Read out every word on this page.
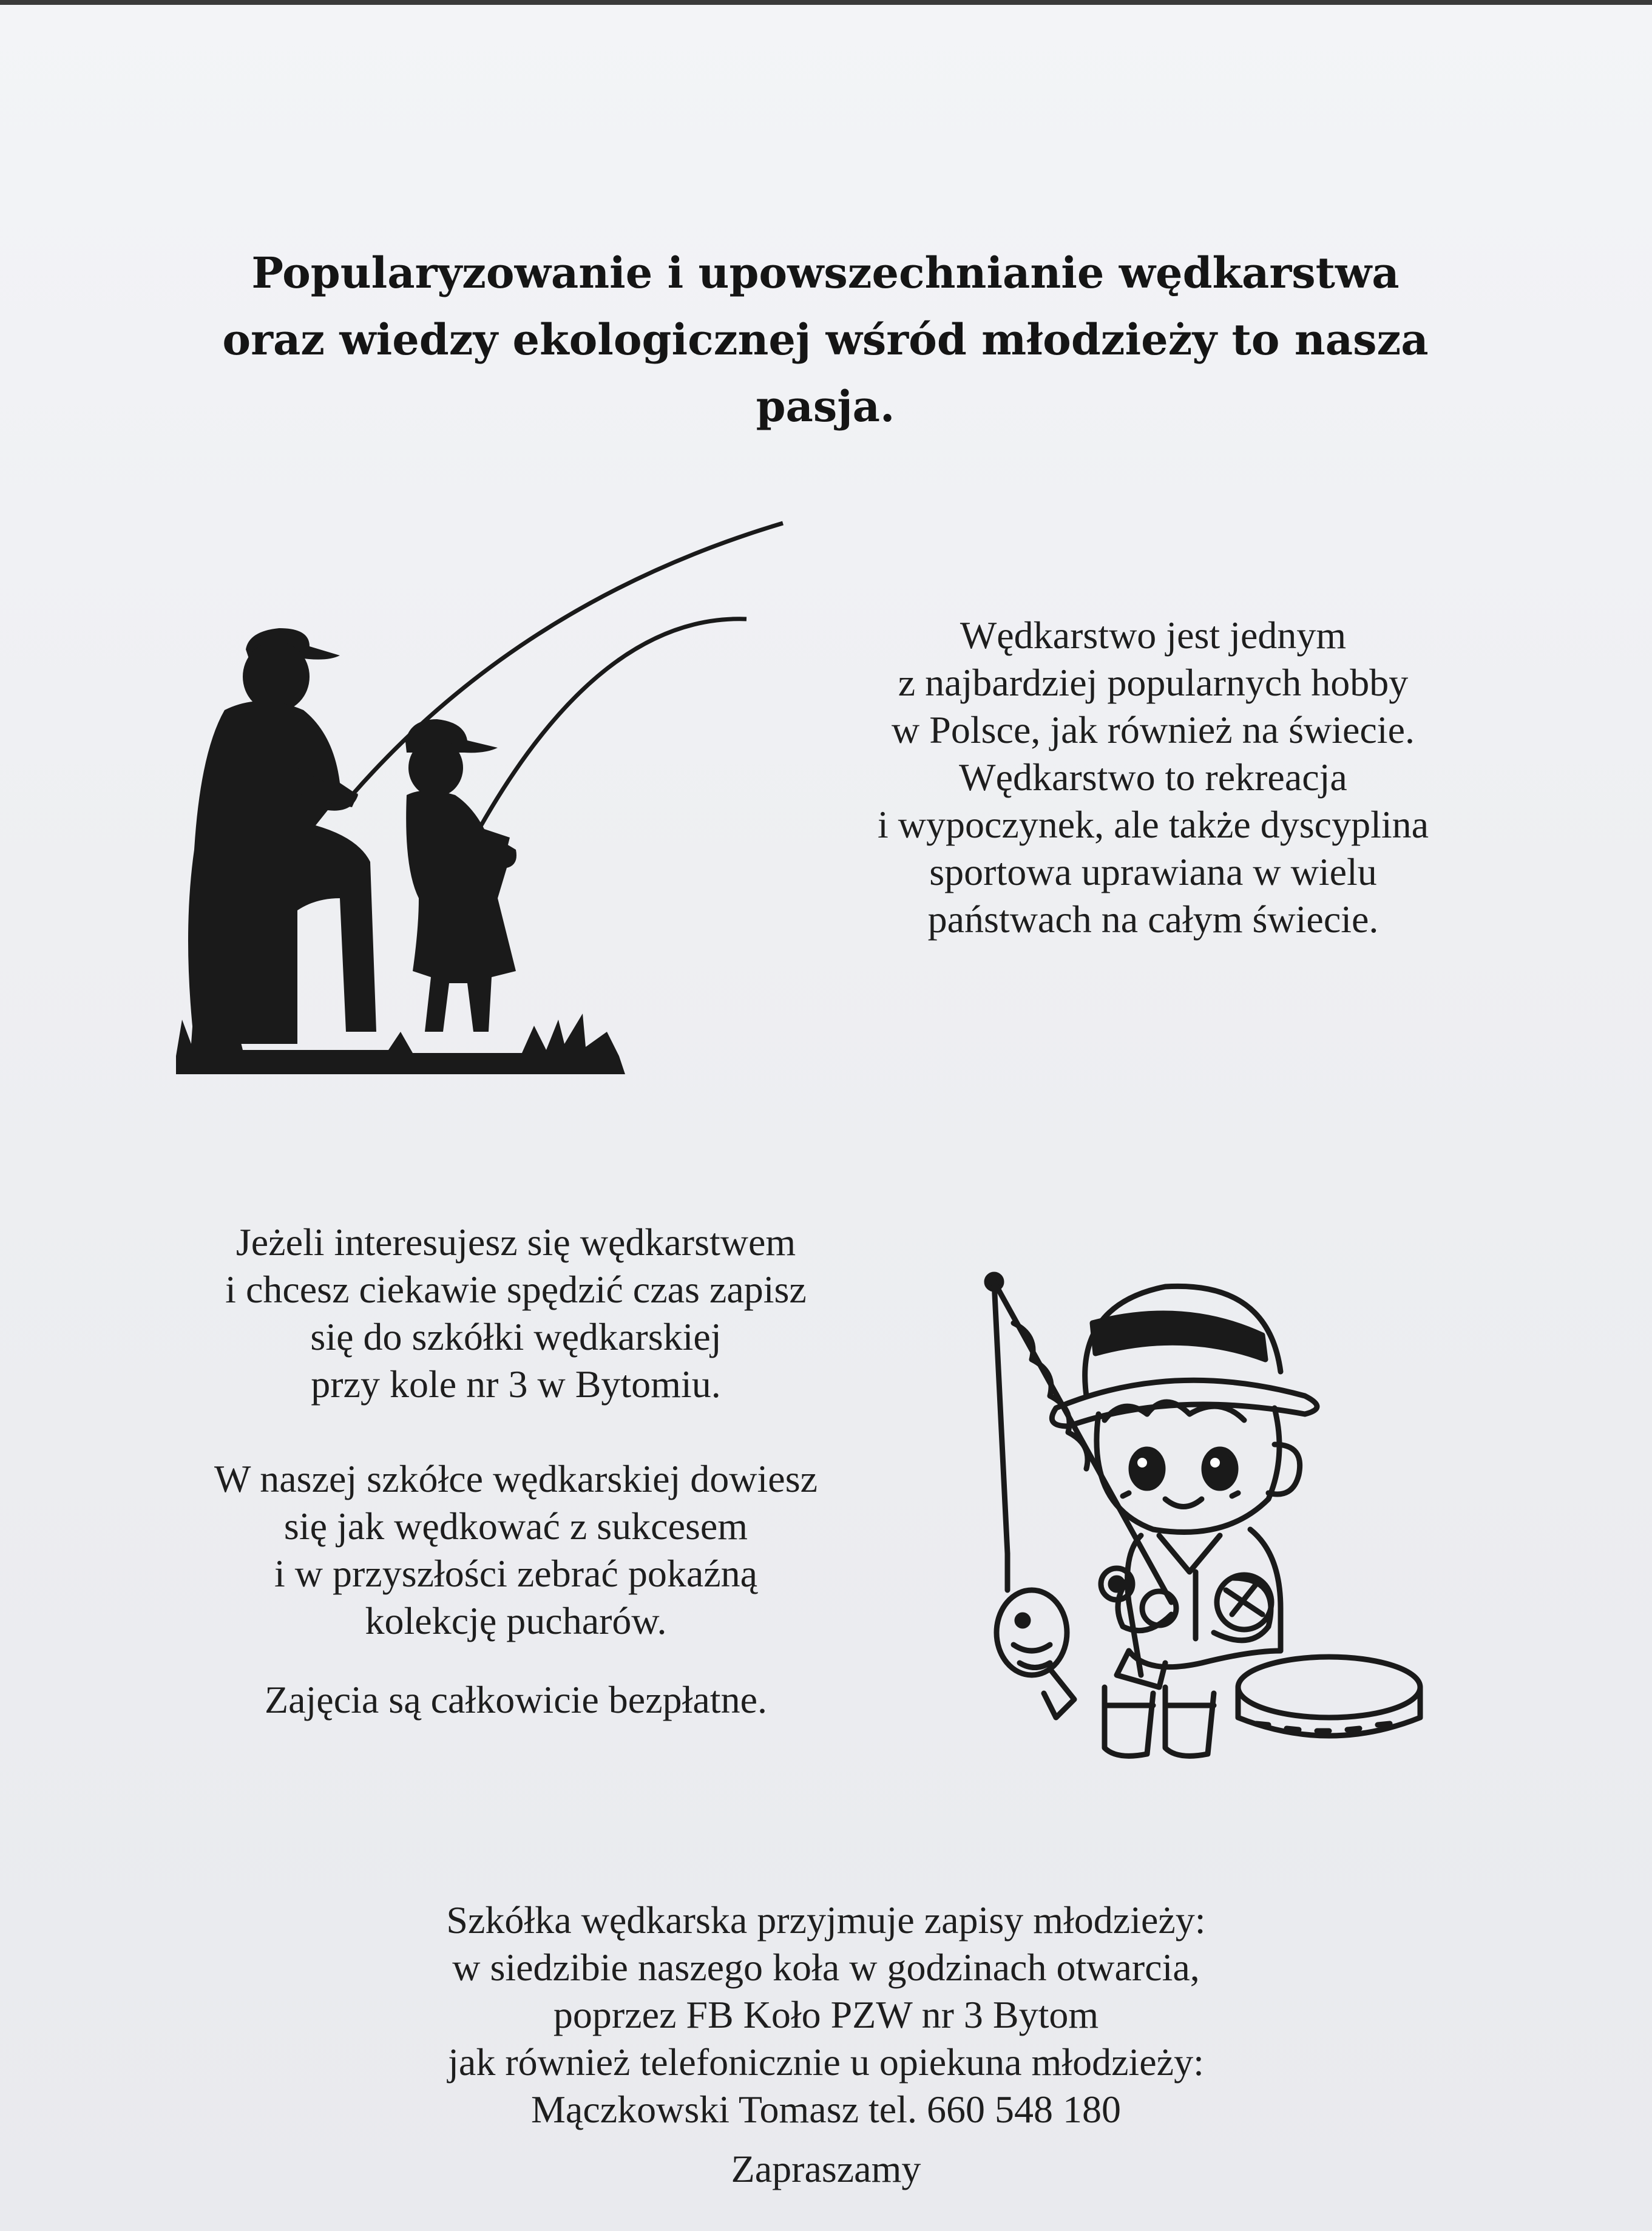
Popularyzowanie i upowszechnianie wędkarstwa
oraz wiedzy ekologicznej wśród młodzieży to nasza
pasja.
Wędkarstwo jest jednym
z najbardziej popularnych hobby
w Polsce, jak również na świecie.
Wędkarstwo to rekreacja
i wypoczynek, ale także dyscyplina
sportowa uprawiana w wielu
państwach na całym świecie.
Jeżeli interesujesz się wędkarstwem
i chcesz ciekawie spędzić czas zapisz
się do szkółki wędkarskiej
przy kole nr 3 w Bytomiu.
W naszej szkółce wędkarskiej dowiesz
się jak wędkować z sukcesem
i w przyszłości zebrać pokaźną
kolekcję pucharów.
Zajęcia są całkowicie bezpłatne.
Szkółka wędkarska przyjmuje zapisy młodzieży:
w siedzibie naszego koła w godzinach otwarcia,
poprzez FB Koło PZW nr 3 Bytom
jak również telefonicznie u opiekuna młodzieży:
Mączkowski Tomasz tel. 660 548 180
Zapraszamy
